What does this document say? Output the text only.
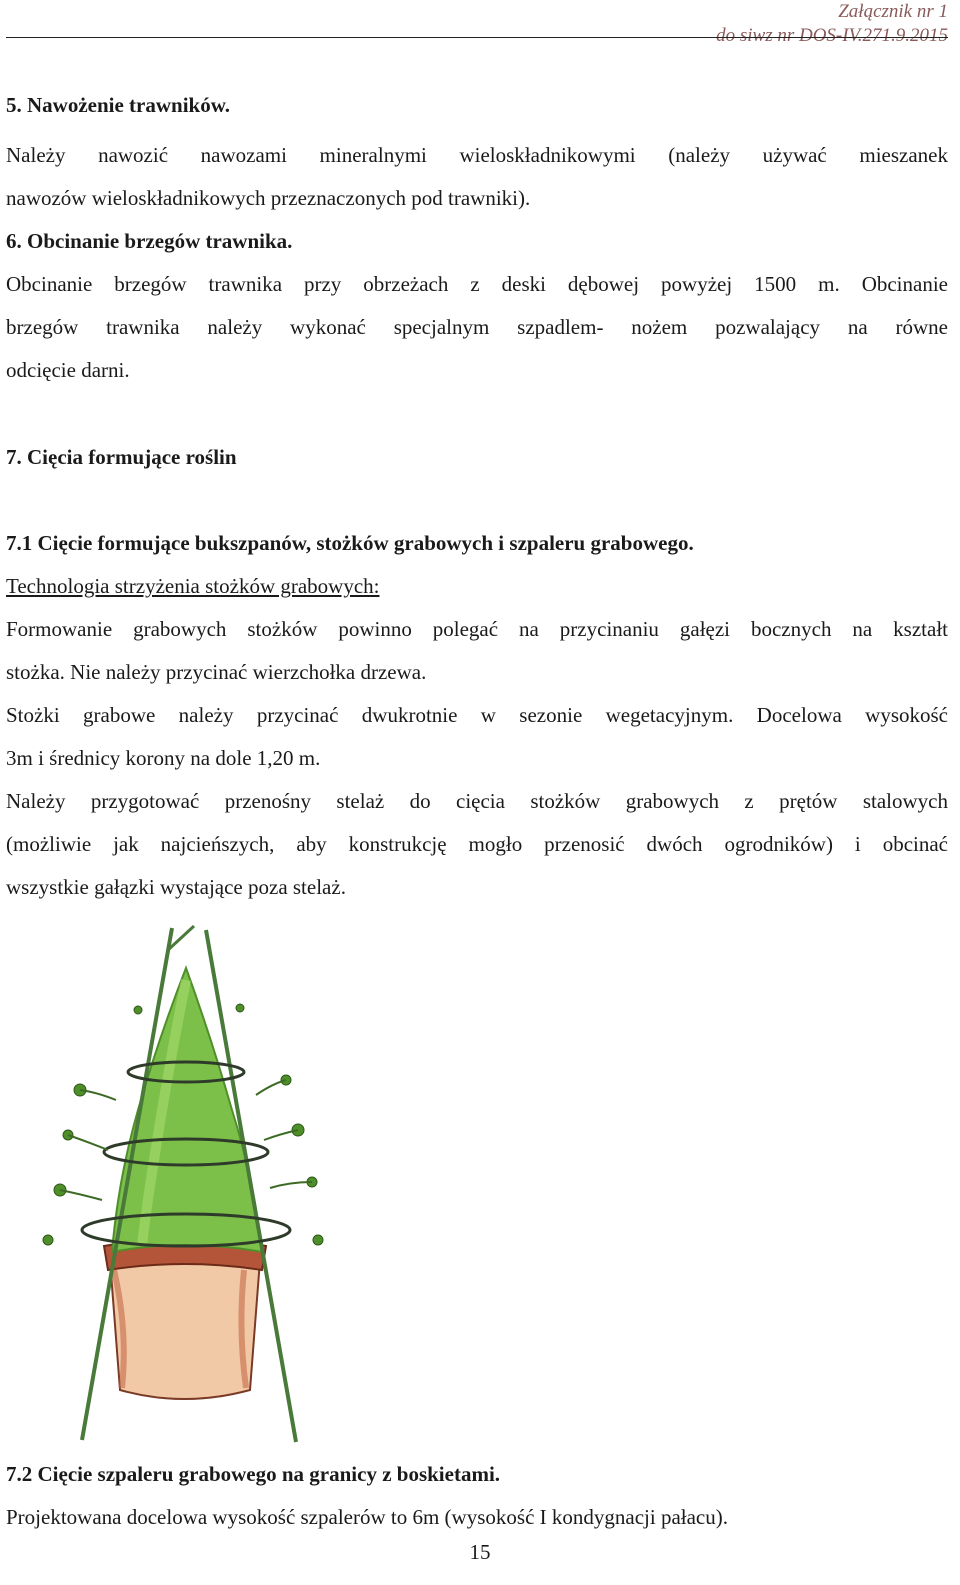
Załącznik nr 1
do siwz nr DOS-IV.271.9.2015
5. Nawożenie trawników.
Należy nawozić nawozami mineralnymi wieloskładnikowymi (należy używać mieszanek
nawozów wieloskładnikowych przeznaczonych pod trawniki).
6. Obcinanie brzegów trawnika.
Obcinanie brzegów trawnika przy obrzeżach z deski dębowej powyżej 1500 m. Obcinanie
brzegów trawnika należy wykonać specjalnym szpadlem- nożem pozwalający na równe
odcięcie darni.
7. Cięcia formujące roślin
7.1 Cięcie formujące bukszpanów, stożków grabowych i szpaleru grabowego.
Technologia strzyżenia stożków grabowych:
Formowanie grabowych stożków powinno polegać na przycinaniu gałęzi bocznych na kształt
stożka. Nie należy przycinać wierzchołka drzewa.
Stożki grabowe należy przycinać dwukrotnie w sezonie wegetacyjnym. Docelowa wysokość
3m i średnicy korony na dole 1,20 m.
Należy przygotować przenośny stelaż do cięcia stożków grabowych z prętów stalowych
(możliwie jak najcieńszych, aby konstrukcję mogło przenosić dwóch ogrodników) i obcinać
wszystkie gałązki wystające poza stelaż.
7.2 Cięcie szpaleru grabowego na granicy z boskietami.
Projektowana docelowa wysokość szpalerów to 6m (wysokość I kondygnacji pałacu).
15
